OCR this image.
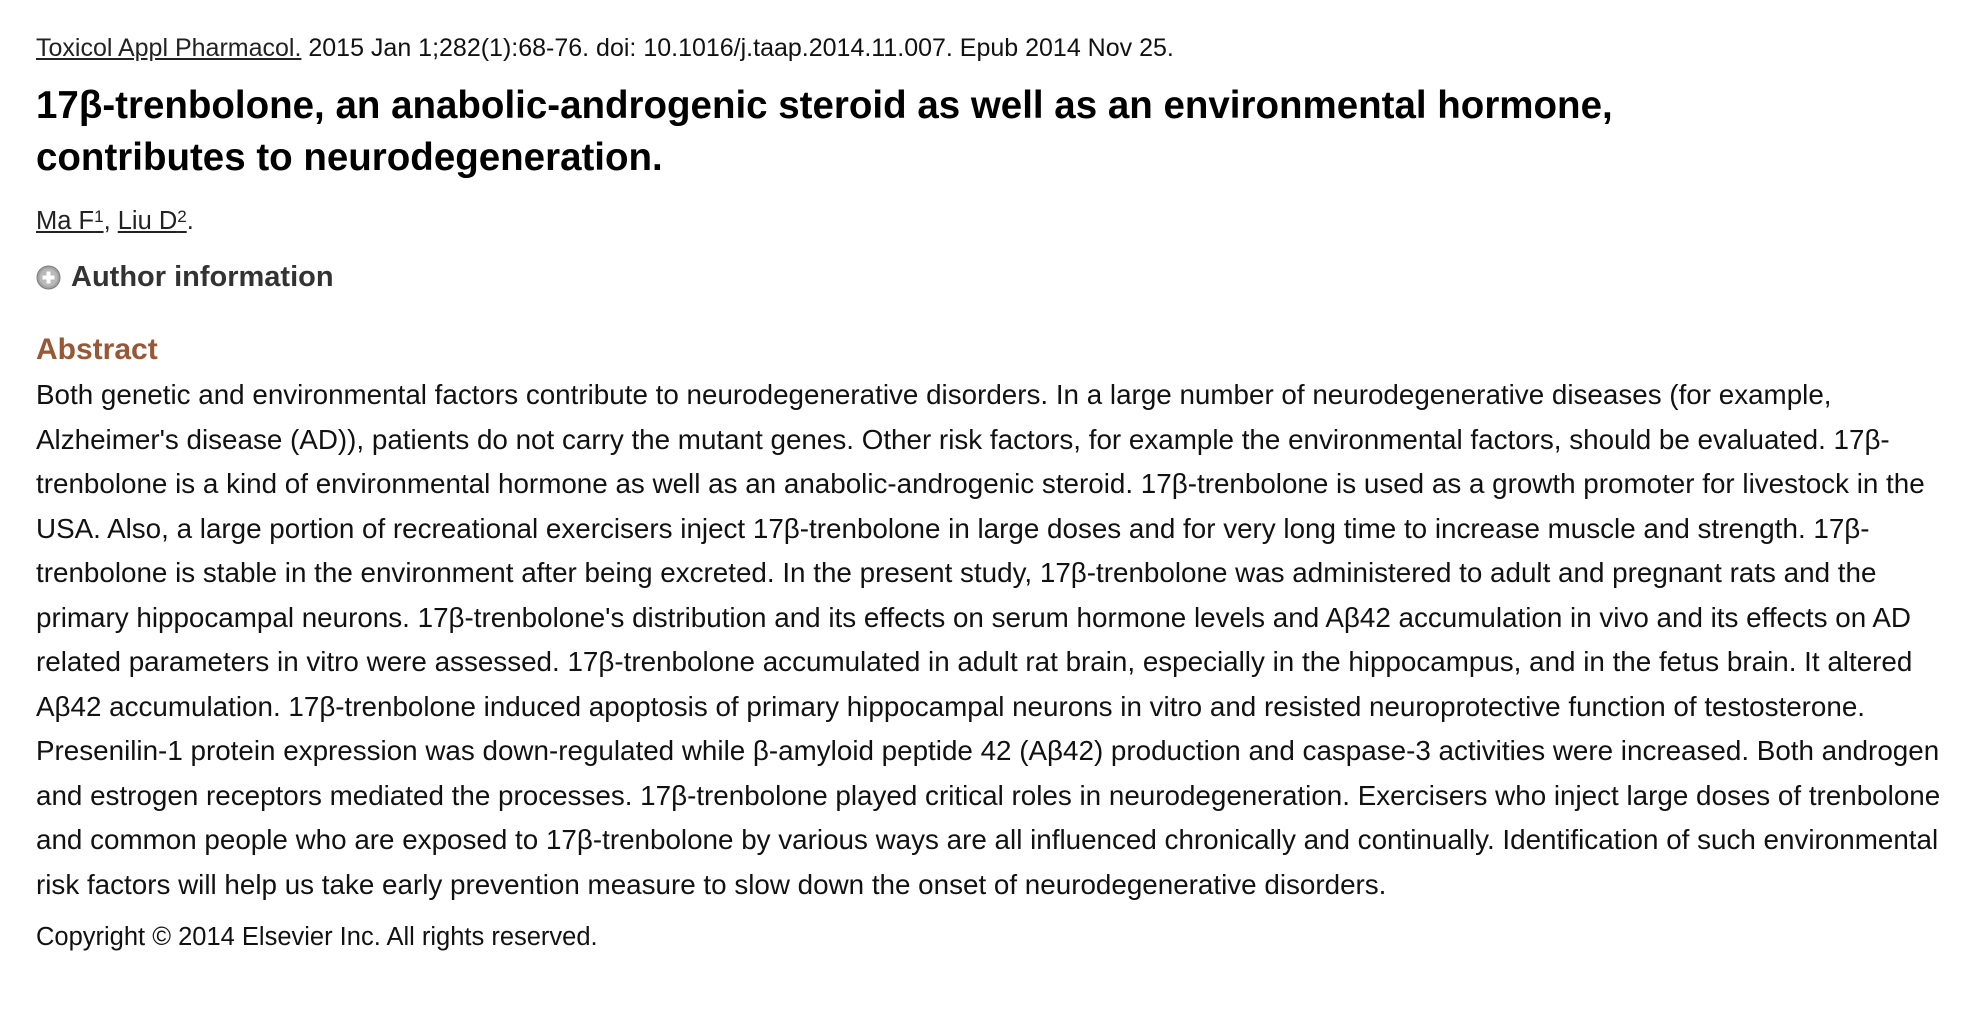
Toxicol Appl Pharmacol. 2015 Jan 1;282(1):68-76. doi: 10.1016/j.taap.2014.11.007. Epub 2014 Nov 25.
17β-trenbolone, an anabolic-androgenic steroid as well as an environmental hormone, contributes to neurodegeneration.
Ma $F^1$, Liu $D^2$.
Author information
Abstract
Both genetic and environmental factors contribute to neurodegenerative disorders. In a large number of neurodegenerative diseases (for example, Alzheimer's disease (AD)), patients do not carry the mutant genes. Other risk factors, for example the environmental factors, should be evaluated. 17β-trenbolone is a kind of environmental hormone as well as an anabolic-androgenic steroid. 17β-trenbolone is used as a growth promoter for livestock in the USA. Also, a large portion of recreational exercisers inject 17β-trenbolone in large doses and for very long time to increase muscle and strength. 17β-trenbolone is stable in the environment after being excreted. In the present study, 17β-trenbolone was administered to adult and pregnant rats and the primary hippocampal neurons. 17β-trenbolone's distribution and its effects on serum hormone levels and Aβ42 accumulation in vivo and its effects on AD related parameters in vitro were assessed. 17β-trenbolone accumulated in adult rat brain, especially in the hippocampus, and in the fetus brain. It altered Aβ42 accumulation. 17β-trenbolone induced apoptosis of primary hippocampal neurons in vitro and resisted neuroprotective function of testosterone. Presenilin-1 protein expression was down-regulated while β-amyloid peptide 42 (Aβ42) production and caspase-3 activities were increased. Both androgen and estrogen receptors mediated the processes. 17β-trenbolone played critical roles in neurodegeneration. Exercisers who inject large doses of trenbolone and common people who are exposed to 17β-trenbolone by various ways are all influenced chronically and continually. Identification of such environmental risk factors will help us take early prevention measure to slow down the onset of neurodegenerative disorders.
Copyright © 2014 Elsevier Inc. All rights reserved.
